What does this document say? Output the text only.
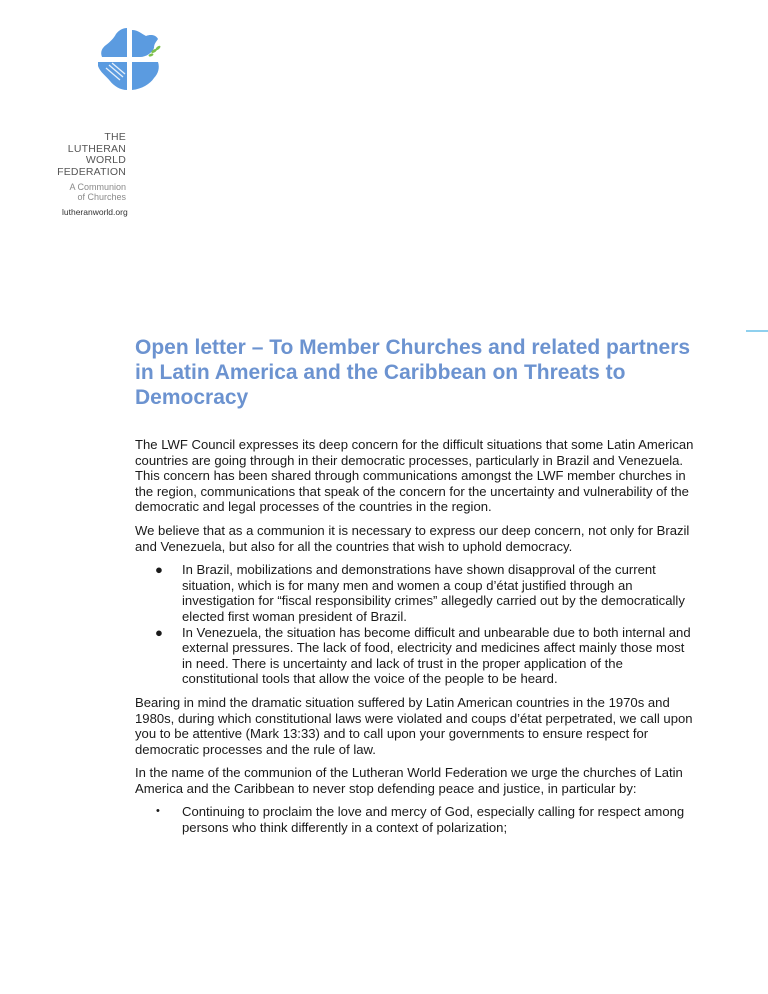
THE
LUTHERAN
WORLD
FEDERATION
A Communion
of Churches
lutheranworld.org
Open letter – To Member Churches and related partners in Latin America and the Caribbean on Threats to Democracy

The LWF Council expresses its deep concern for the difficult situations that some Latin American countries are going through in their democratic processes, particularly in Brazil and Venezuela. This concern has been shared through communications amongst the LWF member churches in the region, communications that speak of the concern for the uncertainty and vulnerability of the democratic and legal processes of the countries in the region.

We believe that as a communion it is necessary to express our deep concern, not only for Brazil and Venezuela, but also for all the countries that wish to uphold democracy.

● In Brazil, mobilizations and demonstrations have shown disapproval of the current situation, which is for many men and women a coup d’état justified through an investigation for “fiscal responsibility crimes” allegedly carried out by the democratically elected first woman president of Brazil.
● In Venezuela, the situation has become difficult and unbearable due to both internal and external pressures. The lack of food, electricity and medicines affect mainly those most in need. There is uncertainty and lack of trust in the proper application of the constitutional tools that allow the voice of the people to be heard.

Bearing in mind the dramatic situation suffered by Latin American countries in the 1970s and 1980s, during which constitutional laws were violated and coups d’état perpetrated, we call upon you to be attentive (Mark 13:33) and to call upon your governments to ensure respect for democratic processes and the rule of law.

In the name of the communion of the Lutheran World Federation we urge the churches of Latin America and the Caribbean to never stop defending peace and justice, in particular by:

• Continuing to proclaim the love and mercy of God, especially calling for respect among persons who think differently in a context of polarization;
